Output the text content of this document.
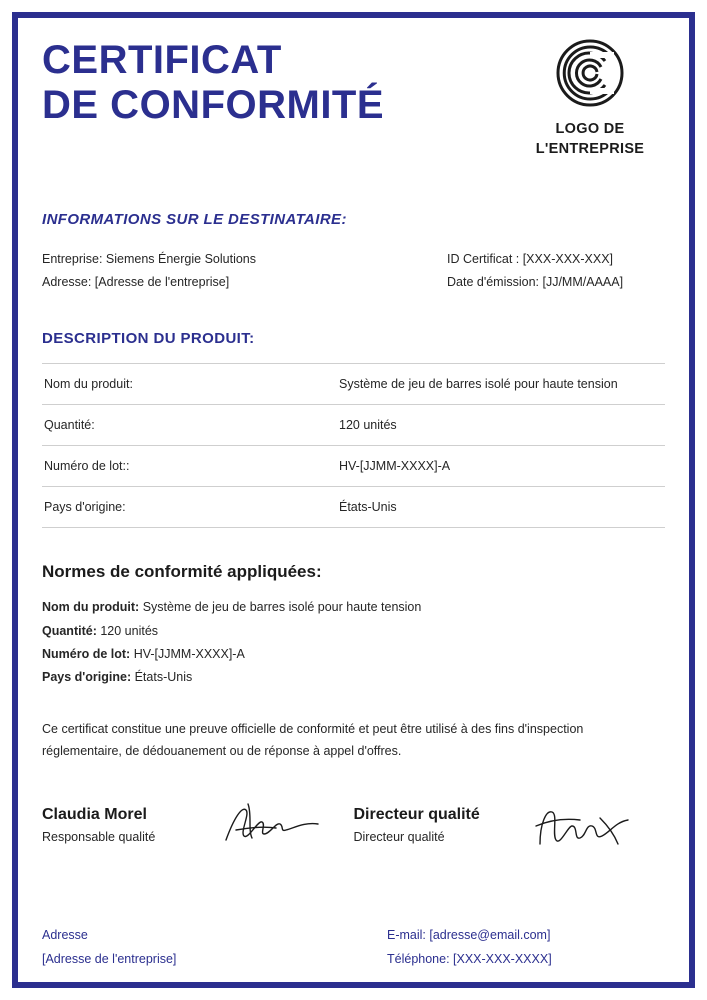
CERTIFICAT
DE CONFORMITÉ
LOGO DE
L'ENTREPRISE
INFORMATIONS SUR LE DESTINATAIRE:
Entreprise: Siemens Énergie Solutions
Adresse: [Adresse de l'entreprise]
ID Certificat : [XXX-XXX-XXX]
Date d'émission: [JJ/MM/AAAA]
DESCRIPTION DU PRODUIT:
Nom du produit:	Système de jeu de barres isolé pour haute tension
Quantité:	120 unités
Numéro de lot::	HV-[JJMM-XXXX]-A
Pays d'origine:	États-Unis
Normes de conformité appliquées:
Nom du produit: Système de jeu de barres isolé pour haute tension
Quantité: 120 unités
Numéro de lot: HV-[JJMM-XXXX]-A
Pays d'origine: États-Unis
Ce certificat constitue une preuve officielle de conformité et peut être utilisé à des fins d'inspection réglementaire, de dédouanement ou de réponse à appel d'offres.
Claudia Morel
Responsable qualité
Directeur qualité
Directeur qualité
Adresse
[Adresse de l'entreprise]
E-mail: [adresse@email.com]
Téléphone: [XXX-XXX-XXXX]
